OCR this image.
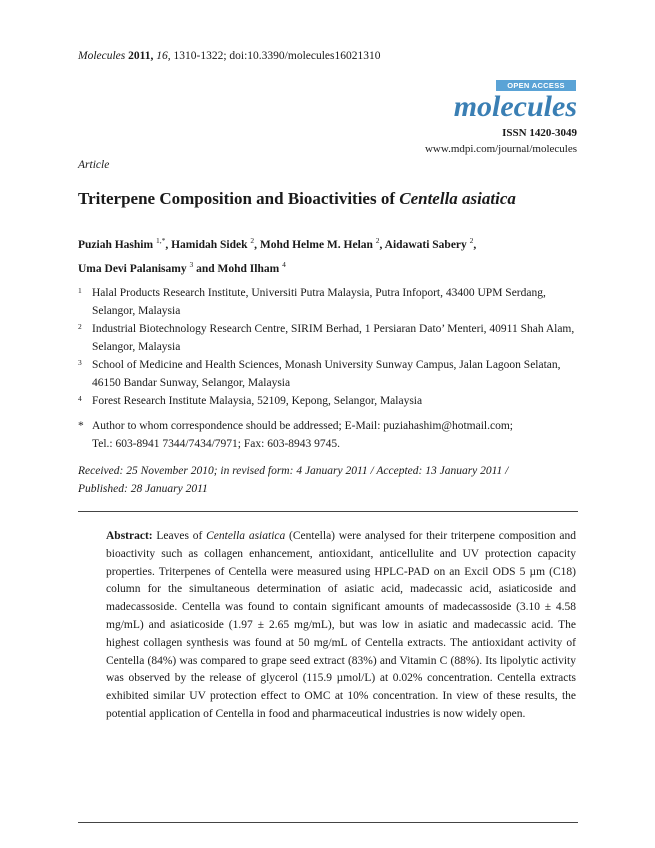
Molecules 2011, 16, 1310-1322; doi:10.3390/molecules16021310
OPEN ACCESS
molecules
ISSN 1420-3049
www.mdpi.com/journal/molecules
Article
Triterpene Composition and Bioactivities of Centella asiatica
Puziah Hashim $^{1,*}$, Hamidah Sidek $^2$, Mohd Helme M. Helan $^2$, Aidawati Sabery $^2$,
Uma Devi Palanisamy $^3$ and Mohd Ilham $^4$
1 Halal Products Research Institute, Universiti Putra Malaysia, Putra Infoport, 43400 UPM Serdang, Selangor, Malaysia
2 Industrial Biotechnology Research Centre, SIRIM Berhad, 1 Persiaran Dato’ Menteri, 40911 Shah Alam, Selangor, Malaysia
3 School of Medicine and Health Sciences, Monash University Sunway Campus, Jalan Lagoon Selatan, 46150 Bandar Sunway, Selangor, Malaysia
4 Forest Research Institute Malaysia, 52109, Kepong, Selangor, Malaysia
* Author to whom correspondence should be addressed; E-Mail: puziahashim@hotmail.com;
Tel.: 603-8941 7344/7434/7971; Fax: 603-8943 9745.
Received: 25 November 2010; in revised form: 4 January 2011 / Accepted: 13 January 2011 /
Published: 28 January 2011
Abstract: Leaves of Centella asiatica (Centella) were analysed for their triterpene composition and bioactivity such as collagen enhancement, antioxidant, anticellulite and UV protection capacity properties. Triterpenes of Centella were measured using HPLC-PAD on an Excil ODS 5 µm (C18) column for the simultaneous determination of asiatic acid, madecassic acid, asiaticoside and madecassoside. Centella was found to contain significant amounts of madecassoside (3.10 ± 4.58 mg/mL) and asiaticoside (1.97 ± 2.65 mg/mL), but was low in asiatic and madecassic acid. The highest collagen synthesis was found at 50 mg/mL of Centella extracts. The antioxidant activity of Centella (84%) was compared to grape seed extract (83%) and Vitamin C (88%). Its lipolytic activity was observed by the release of glycerol (115.9 µmol/L) at 0.02% concentration. Centella extracts exhibited similar UV protection effect to OMC at 10% concentration. In view of these results, the potential application of Centella in food and pharmaceutical industries is now widely open.
